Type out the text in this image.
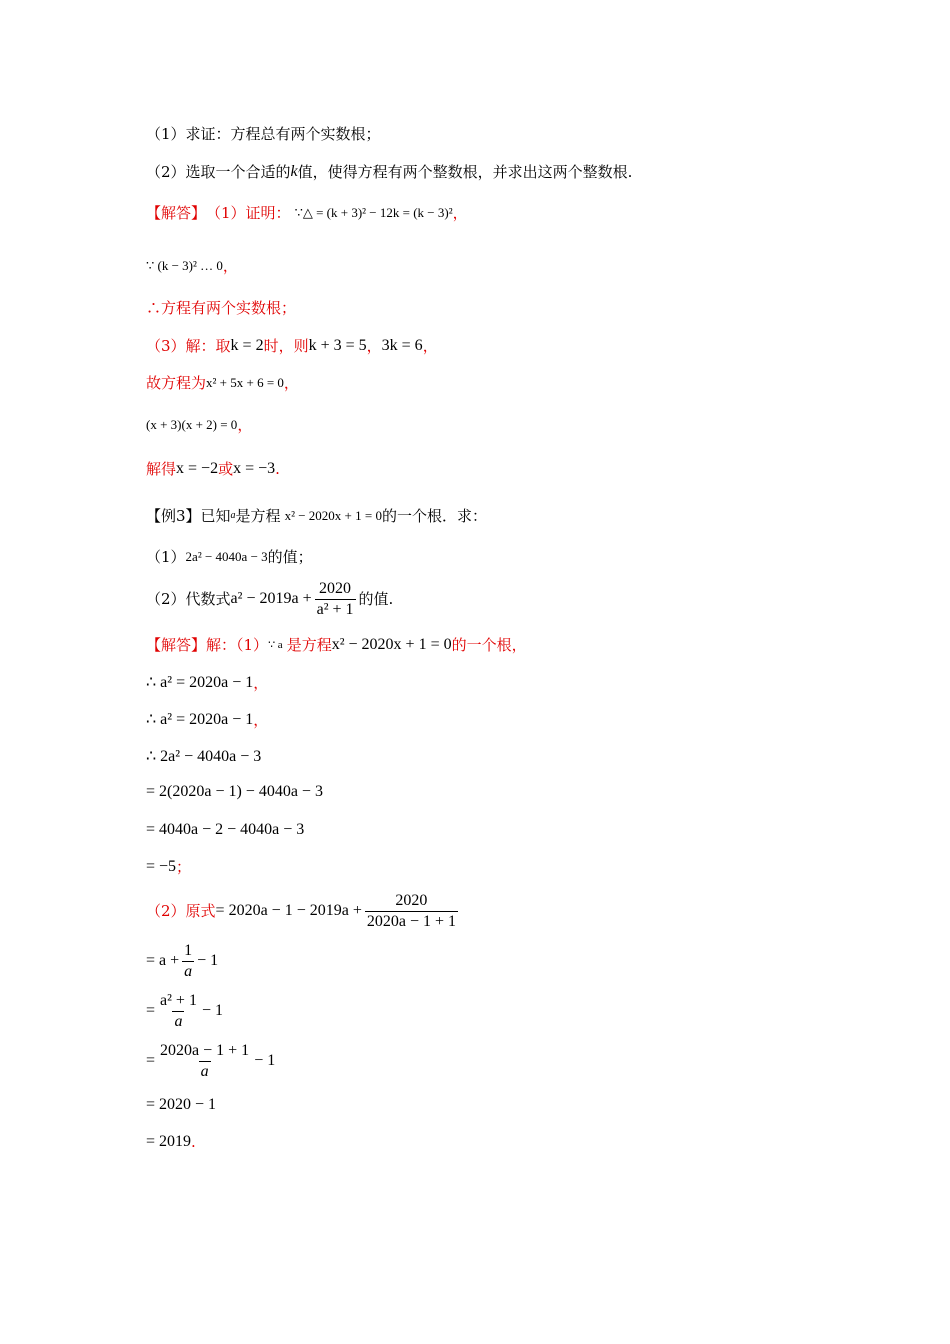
（1）求证：方程总有两个实数根；
（2）选取一个合适的 k 值，使得方程有两个整数根，并求出这两个整数根.
【解答】 （1）证明： ∵△ = (k + 3)² − 12k = (k − 3)² ，
∵ (k − 3)² … 0 ，
∴方程有两个实数根；
（3）解：取 k = 2 时，则 k + 3 = 5 ， 3k = 6 ，
故方程为 x² + 5x + 6 = 0 ，
(x + 3)(x + 2) = 0 ，
解得 x = −2 或 x = −3 .
【例3】已知 a 是方程 x² − 2020x + 1 = 0 的一个根．求：
（1） 2a² − 4040a − 3 的值；
（2）代数式 $a^2 - 2019a + \frac{2020}{\text{a² + 1}}$ 的值.
【解答】 解：（1） ∵ a 是方程 x² − 2020x + 1 = 0 的一个根，
∴ a² = 2020a − 1 ，
∴ a² = 2020a − 1 ，
∴ 2a² − 4040a − 3
= 2(2020a − 1) − 4040a − 3
= 4040a − 2 − 4040a − 3
= −5 ；
（2）原式 = $2020a - 1 - 2019a + \frac{2020}{2020a - 1 + 1}$
= $a + \frac{1}{a} - 1$
= $\frac{\text{a² + 1}}{a} - 1$
= $\frac{2020a - 1 + 1}{a} - 1$
= 2020 − 1
= 2019 .
